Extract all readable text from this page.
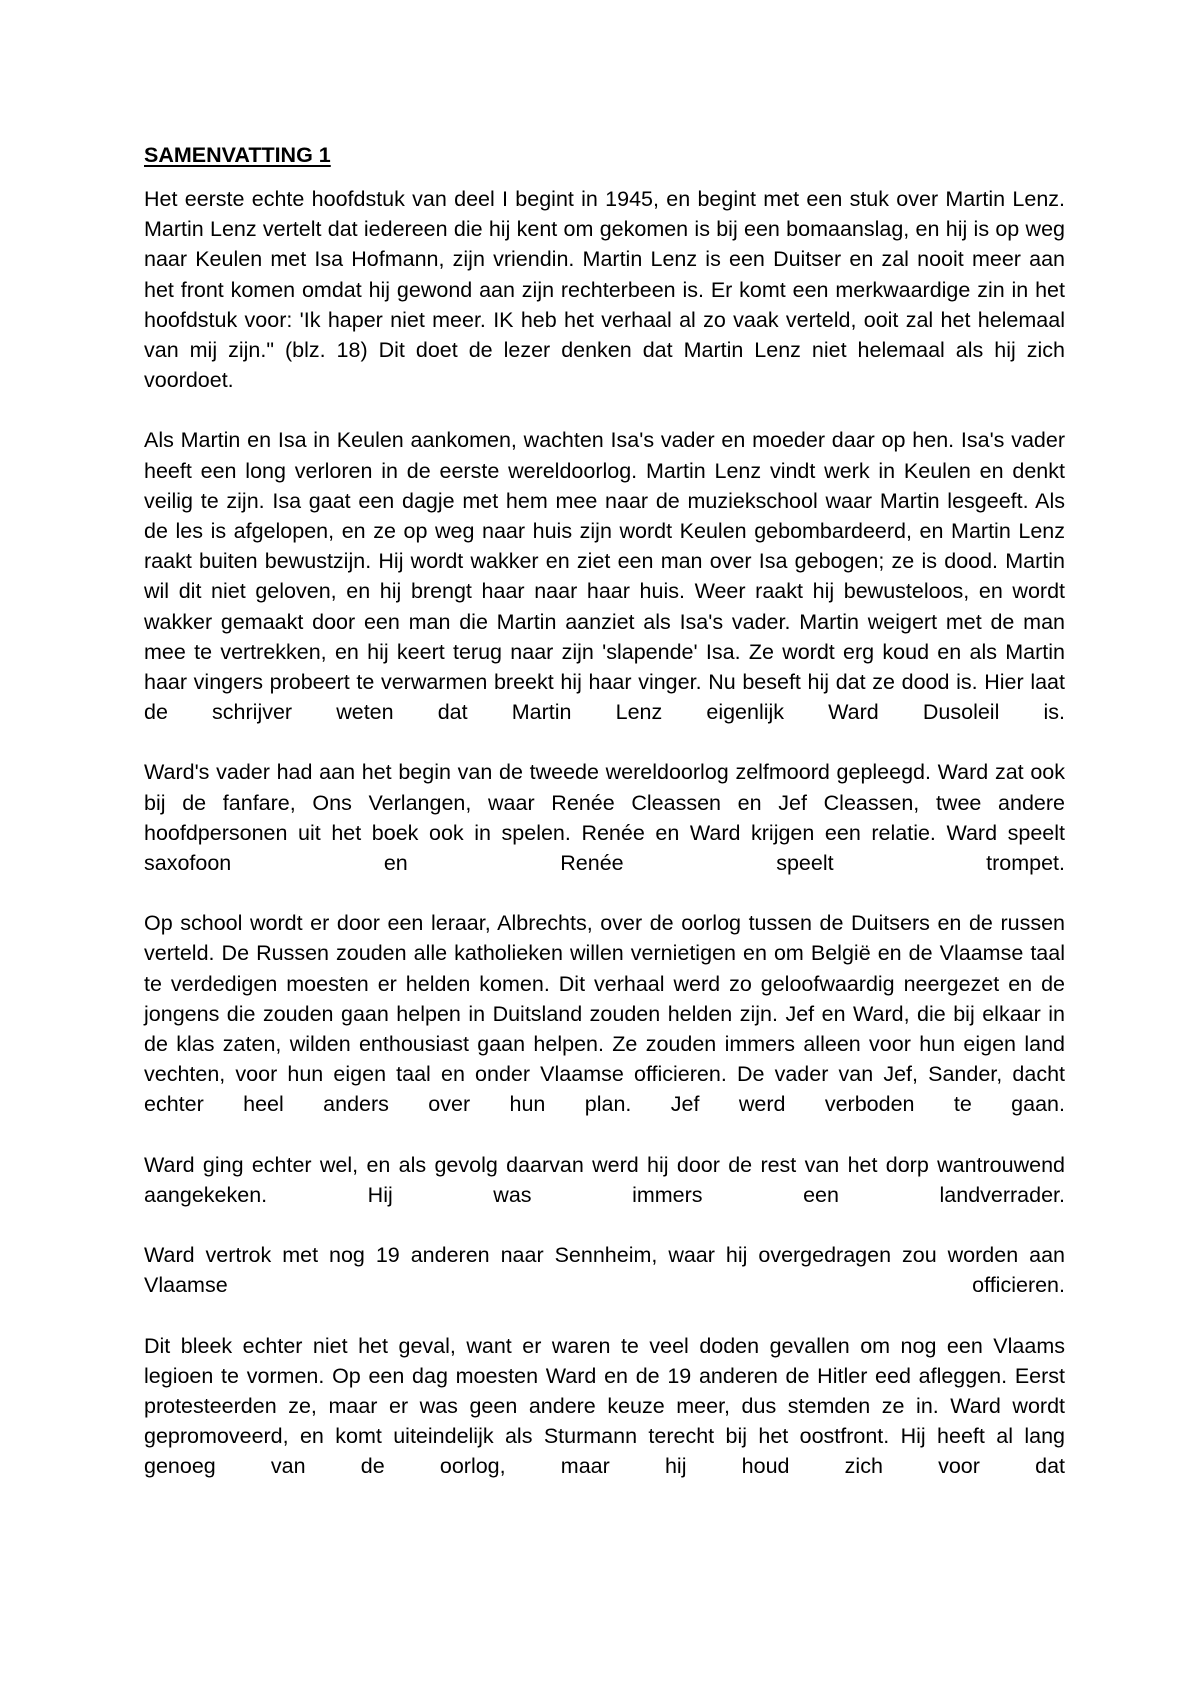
SAMENVATTING 1

Het eerste echte hoofdstuk van deel I begint in 1945, en begint met een stuk over Martin Lenz. Martin Lenz vertelt dat iedereen die hij kent om gekomen is bij een bomaanslag, en hij is op weg naar Keulen met Isa Hofmann, zijn vriendin. Martin Lenz is een Duitser en zal nooit meer aan het front komen omdat hij gewond aan zijn rechterbeen is. Er komt een merkwaardige zin in het hoofdstuk voor: 'Ik haper niet meer. IK heb het verhaal al zo vaak verteld, ooit zal het helemaal van mij zijn." (blz. 18) Dit doet de lezer denken dat Martin Lenz niet helemaal als hij zich voordoet.

Als Martin en Isa in Keulen aankomen, wachten Isa's vader en moeder daar op hen. Isa's vader heeft een long verloren in de eerste wereldoorlog. Martin Lenz vindt werk in Keulen en denkt veilig te zijn. Isa gaat een dagje met hem mee naar de muziekschool waar Martin lesgeeft. Als de les is afgelopen, en ze op weg naar huis zijn wordt Keulen gebombardeerd, en Martin Lenz raakt buiten bewustzijn. Hij wordt wakker en ziet een man over Isa gebogen; ze is dood. Martin wil dit niet geloven, en hij brengt haar naar haar huis. Weer raakt hij bewusteloos, en wordt wakker gemaakt door een man die Martin aanziet als Isa's vader. Martin weigert met de man mee te vertrekken, en hij keert terug naar zijn 'slapende' Isa. Ze wordt erg koud en als Martin haar vingers probeert te verwarmen breekt hij haar vinger. Nu beseft hij dat ze dood is. Hier laat de schrijver weten dat Martin Lenz eigenlijk Ward Dusoleil is.

Ward's vader had aan het begin van de tweede wereldoorlog zelfmoord gepleegd. Ward zat ook bij de fanfare, Ons Verlangen, waar Renée Cleassen en Jef Cleassen, twee andere hoofdpersonen uit het boek ook in spelen. Renée en Ward krijgen een relatie. Ward speelt saxofoon en Renée speelt trompet.

Op school wordt er door een leraar, Albrechts, over de oorlog tussen de Duitsers en de russen verteld. De Russen zouden alle katholieken willen vernietigen en om België en de Vlaamse taal te verdedigen moesten er helden komen. Dit verhaal werd zo geloofwaardig neergezet en de jongens die zouden gaan helpen in Duitsland zouden helden zijn. Jef en Ward, die bij elkaar in de klas zaten, wilden enthousiast gaan helpen. Ze zouden immers alleen voor hun eigen land vechten, voor hun eigen taal en onder Vlaamse officieren. De vader van Jef, Sander, dacht echter heel anders over hun plan. Jef werd verboden te gaan.

Ward ging echter wel, en als gevolg daarvan werd hij door de rest van het dorp wantrouwend aangekeken. Hij was immers een landverrader.

Ward vertrok met nog 19 anderen naar Sennheim, waar hij overgedragen zou worden aan Vlaamse officieren.

Dit bleek echter niet het geval, want er waren te veel doden gevallen om nog een Vlaams legioen te vormen. Op een dag moesten Ward en de 19 anderen de Hitler eed afleggen. Eerst protesteerden ze, maar er was geen andere keuze meer, dus stemden ze in. Ward wordt gepromoveerd, en komt uiteindelijk als Sturmann terecht bij het oostfront. Hij heeft al lang genoeg van de oorlog, maar hij houd zich voor dat
